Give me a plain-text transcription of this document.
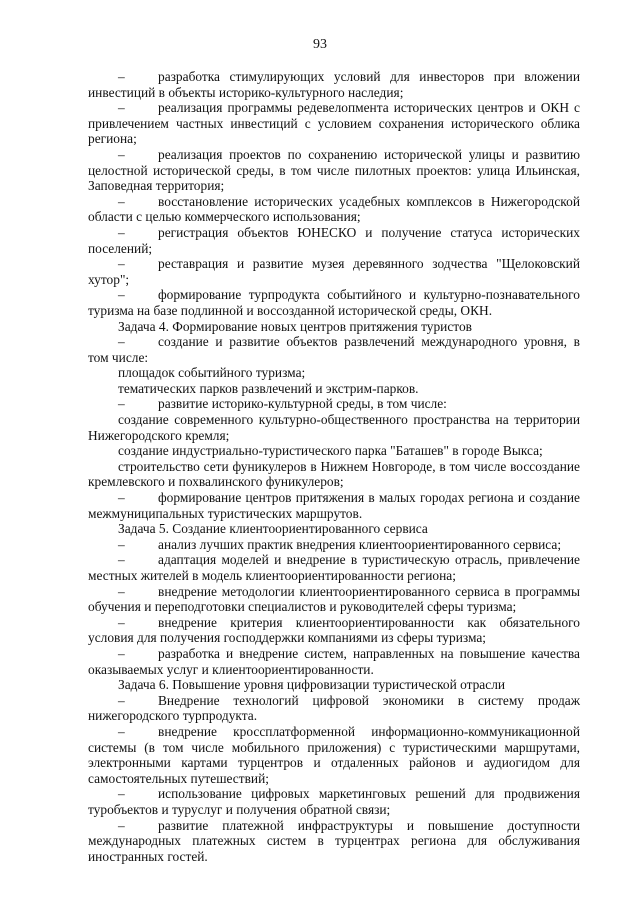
93

– разработка стимулирующих условий для инвесторов при вложении инвестиций в объекты историко-культурного наследия;

– реализация программы редевелопмента исторических центров и ОКН с привлечением частных инвестиций с условием сохранения исторического облика региона;

– реализация проектов по сохранению исторической улицы и развитию целостной исторической среды, в том числе пилотных проектов: улица Ильинская, Заповедная территория;

– восстановление исторических усадебных комплексов в Нижегородской области с целью коммерческого использования;

– регистрация объектов ЮНЕСКО и получение статуса исторических поселений;

– реставрация и развитие музея деревянного зодчества "Щелоковский хутор";

– формирование турпродукта событийного и культурно-познавательного туризма на базе подлинной и воссозданной исторической среды, ОКН.

Задача 4. Формирование новых центров притяжения туристов

– создание и развитие объектов развлечений международного уровня, в том числе:

площадок событийного туризма;

тематических парков развлечений и экстрим-парков.

– развитие историко-культурной среды, в том числе:

создание современного культурно-общественного пространства на территории Нижегородского кремля;

создание индустриально-туристического парка "Баташев" в городе Выкса;

строительство сети фуникулеров в Нижнем Новгороде, в том числе воссоздание кремлевского и похвалинского фуникулеров;

– формирование центров притяжения в малых городах региона и создание межмуниципальных туристических маршрутов.

Задача 5. Создание клиентоориентированного сервиса

– анализ лучших практик внедрения клиентоориентированного сервиса;

– адаптация моделей и внедрение в туристическую отрасль, привлечение местных жителей в модель клиентоориентированности региона;

– внедрение методологии клиентоориентированного сервиса в программы обучения и переподготовки специалистов и руководителей сферы туризма;

– внедрение критерия клиентоориентированности как обязательного условия для получения господдержки компаниями из сферы туризма;

– разработка и внедрение систем, направленных на повышение качества оказываемых услуг и клиентоориентированности.

Задача 6. Повышение уровня цифровизации туристической отрасли

– Внедрение технологий цифровой экономики в систему продаж нижегородского турпродукта.

– внедрение кроссплатформенной информационно-коммуникационной системы (в том числе мобильного приложения) с туристическими маршрутами, электронными картами турцентров и отдаленных районов и аудиогидом для самостоятельных путешествий;

– использование цифровых маркетинговых решений для продвижения туробъектов и туруслуг и получения обратной связи;

– развитие платежной инфраструктуры и повышение доступности международных платежных систем в турцентрах региона для обслуживания иностранных гостей.
